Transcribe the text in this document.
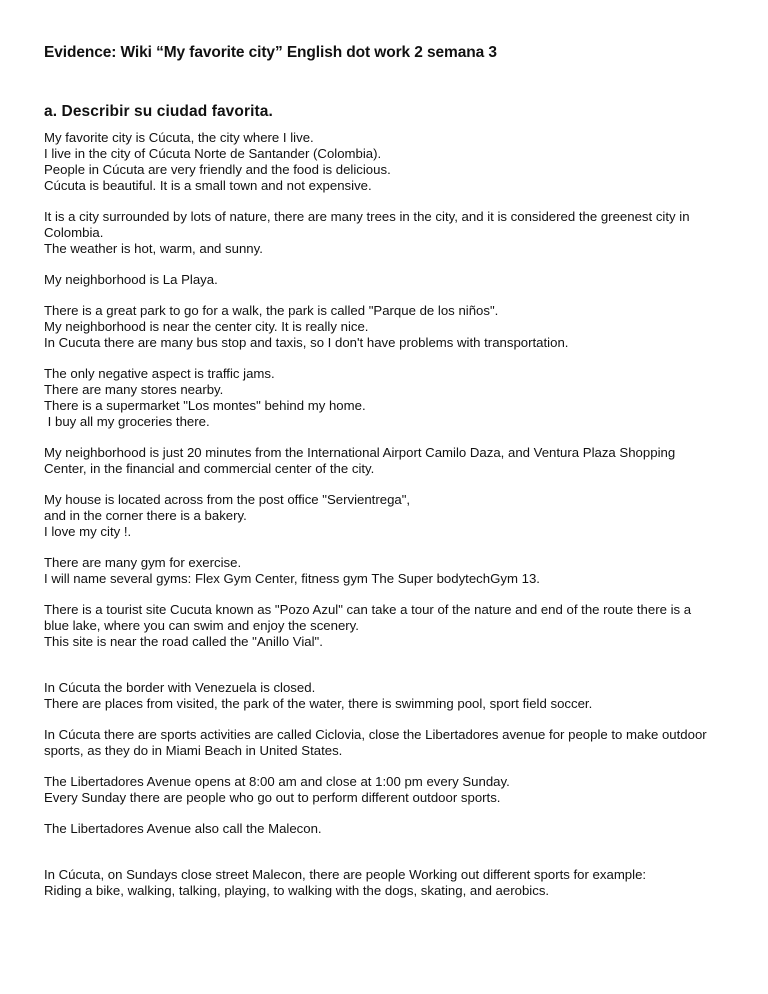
Evidence: Wiki “My favorite city” English dot work 2 semana 3
a. Describir su ciudad favorita.
My favorite city is Cúcuta, the city where I live.
I live in the city of Cúcuta Norte de Santander (Colombia).
People in Cúcuta are very friendly and the food is delicious.
Cúcuta is beautiful. It is a small town and not expensive.
It is a city surrounded by lots of nature, there are many trees in the city, and it is considered the greenest city in
Colombia.
The weather is hot, warm, and sunny.
My neighborhood is La Playa.
There is a great park to go for a walk, the park is called "Parque de los niños".
My neighborhood is near the center city. It is really nice.
In Cucuta there are many bus stop and taxis, so I don't have problems with transportation.
The only negative aspect is traffic jams.
There are many stores nearby.
There is a supermarket "Los montes" behind my home.
I buy all my groceries there.
My neighborhood is just 20 minutes from the International Airport Camilo Daza, and Ventura Plaza Shopping
Center, in the financial and commercial center of the city.
My house is located across from the post office "Servientrega",
and in the corner there is a bakery.
I love my city !.
There are many gym for exercise.
I will name several gyms: Flex Gym Center, fitness gym The Super bodytechGym 13.
There is a tourist site Cucuta known as "Pozo Azul" can take a tour of the nature and end of the route there is a
blue lake, where you can swim and enjoy the scenery.
This site is near the road called the "Anillo Vial".
In Cúcuta the border with Venezuela is closed.
There are places from visited, the park of the water, there is swimming pool, sport field soccer.
In Cúcuta there are sports activities are called Ciclovia, close the Libertadores avenue for people to make outdoor
sports, as they do in Miami Beach in United States.
The Libertadores Avenue opens at 8:00 am and close at 1:00 pm every Sunday.
Every Sunday there are people who go out to perform different outdoor sports.
The Libertadores Avenue also call the Malecon.
In Cúcuta, on Sundays close street Malecon, there are people Working out different sports for example:
Riding a bike, walking, talking, playing, to walking with the dogs, skating, and aerobics.
